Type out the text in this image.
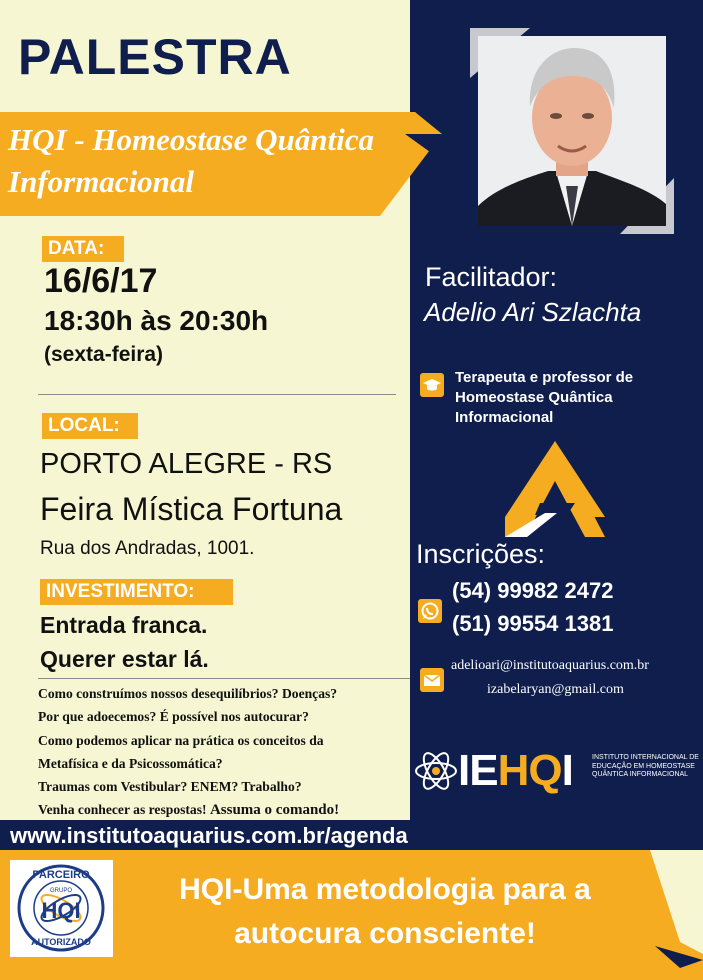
PALESTRA
HQI - Homeostase Quântica Informacional
DATA:
16/6/17
18:30h às 20:30h
(sexta-feira)
LOCAL:
PORTO ALEGRE - RS
Feira Mística Fortuna
Rua dos Andradas, 1001.
INVESTIMENTO:
Entrada franca.
Querer estar lá.
Como construímos nossos desequilíbrios? Doenças?
Por que adoecemos? É possível nos autocurar?
Como podemos aplicar na prática os conceitos da
Metafísica e da Psicossomática?
Traumas com Vestibular? ENEM? Trabalho?
Venha conhecer as respostas! Assuma o comando!
Facilitador:
Adelio Ari Szlachta
Terapeuta e professor de Homeostase Quântica Informacional
Inscrições:
(54) 99982 2472
(51) 99554 1381
adelioari@institutoaquarius.com.br
izabelaryan@gmail.com
IEHQI	INSTITUTO INTERNACIONAL DE EDUCAÇÃO EM HOMEOSTASE QUÂNTICA INFORMACIONAL
www.institutoaquarius.com.br/agenda
PARCEIRO
GRUPO
HQI
AUTORIZADO
HQI-Uma metodologia para a autocura consciente!
